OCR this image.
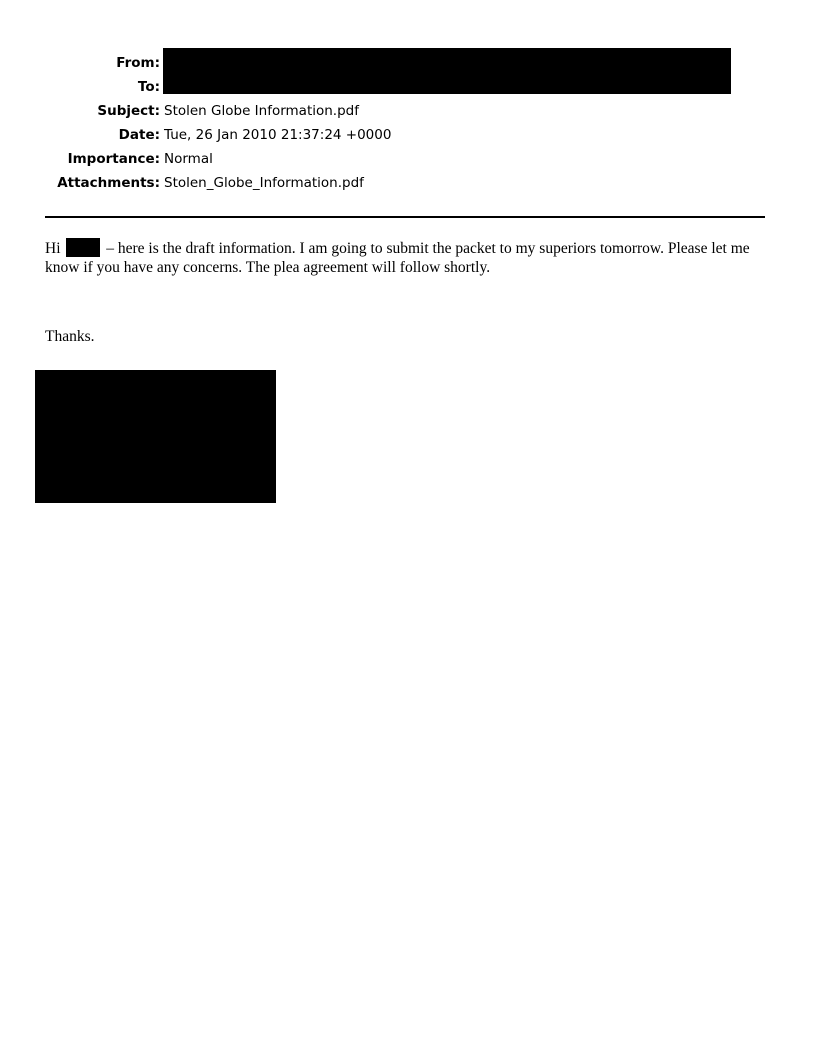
From:
To:
Subject: Stolen Globe Information.pdf
Date: Tue, 26 Jan 2010 21:37:24 +0000
Importance: Normal
Attachments: Stolen_Globe_Information.pdf
Hi	– here is the draft information. I am going to submit the packet to my superiors tomorrow. Please let me know if you have any concerns. The plea agreement will follow shortly.
Thanks.
